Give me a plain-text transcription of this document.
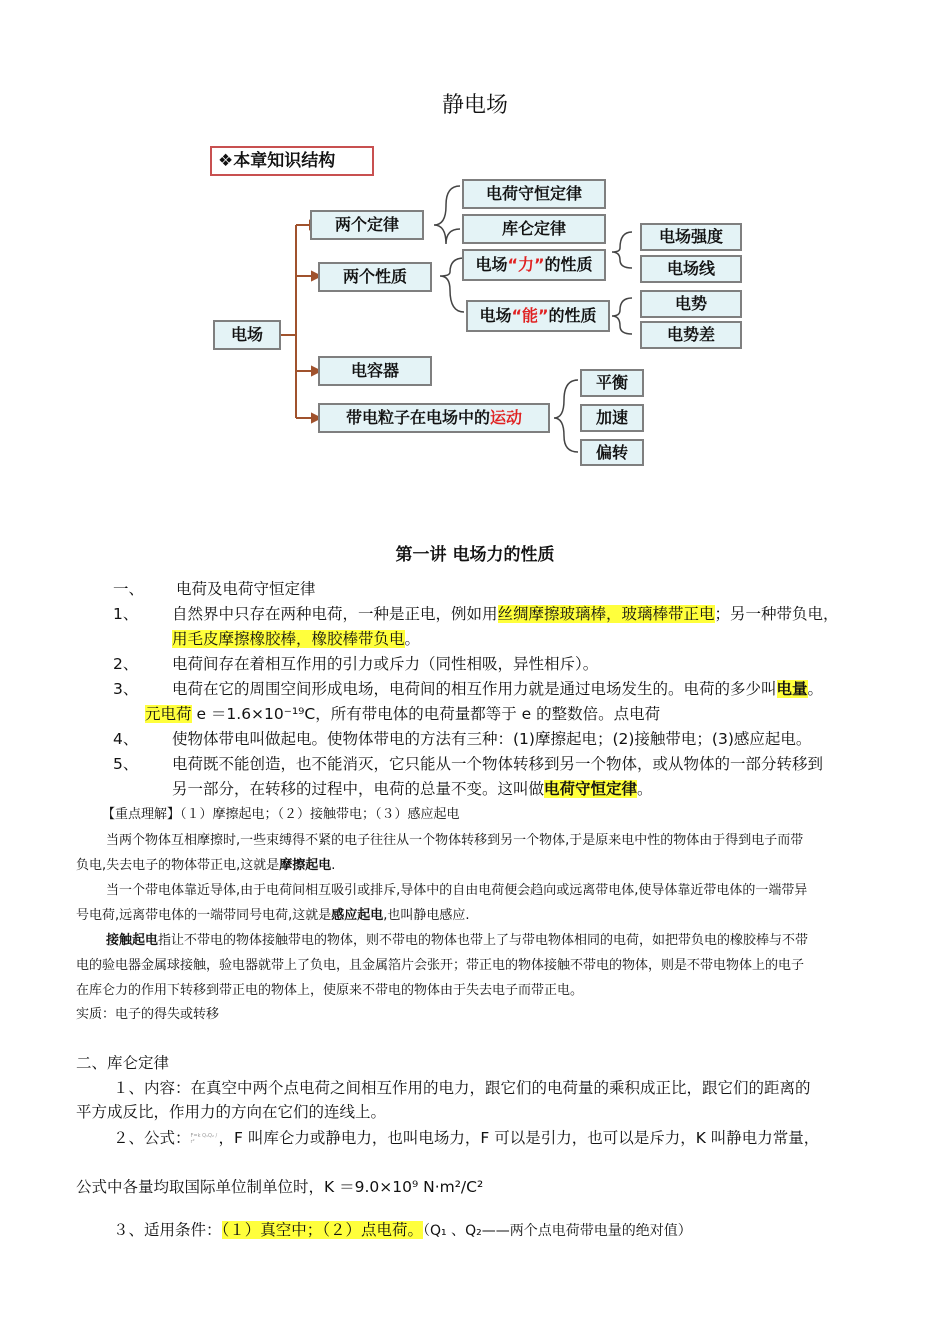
静电场
❖本章知识结构
电场
两个定律
电荷守恒定律
库仑定律
两个性质
电场“力”的性质
电场“能”的性质
电场强度
电场线
电势
电势差
电容器
带电粒子在电场中的运动
平衡
加速
偏转
第一讲 电场力的性质
一、 电荷及电荷守恒定律
1、 自然界中只存在两种电荷，一种是正电，例如用丝绸摩擦玻璃棒，玻璃棒带正电；另一种带负电，
用毛皮摩擦橡胶棒，橡胶棒带负电。
2、 电荷间存在着相互作用的引力或斥力（同性相吸，异性相斥）。
3、 电荷在它的周围空间形成电场，电荷间的相互作用力就是通过电场发生的。电荷的多少叫电量。
元电荷 e ＝1.6×10⁻¹⁹C，所有带电体的电荷量都等于 e 的整数倍。点电荷
4、 使物体带电叫做起电。使物体带电的方法有三种：(1)摩擦起电；(2)接触带电；(3)感应起电。
5、 电荷既不能创造，也不能消灭，它只能从一个物体转移到另一个物体，或从物体的一部分转移到
另一部分，在转移的过程中，电荷的总量不变。这叫做电荷守恒定律。
【重点理解】（１）摩擦起电；（２）接触带电；（３）感应起电
当两个物体互相摩擦时,一些束缚得不紧的电子往往从一个物体转移到另一个物体,于是原来电中性的物体由于得到电子而带
负电,失去电子的物体带正电,这就是摩擦起电.
当一个带电体靠近导体,由于电荷间相互吸引或排斥,导体中的自由电荷便会趋向或远离带电体,使导体靠近带电体的一端带异
号电荷,远离带电体的一端带同号电荷,这就是感应起电,也叫静电感应.
接触起电指让不带电的物体接触带电的物体，则不带电的物体也带上了与带电物体相同的电荷，如把带负电的橡胶棒与不带
电的验电器金属球接触，验电器就带上了负电，且金属箔片会张开；带正电的物体接触不带电的物体，则是不带电物体上的电子
在库仑力的作用下转移到带正电的物体上，使原来不带电的物体由于失去电子而带正电。
实质：电子的得失或转移
二、库仑定律
１、内容：在真空中两个点电荷之间相互作用的电力，跟它们的电荷量的乘积成正比，跟它们的距离的
平方成反比，作用力的方向在它们的连线上。
２、公式：F=k Q₁Q₂ / r² ，F 叫库仑力或静电力，也叫电场力，F 可以是引力，也可以是斥力，K 叫静电力常量，
公式中各量均取国际单位制单位时，K ＝9.0×10⁹ N·m²/C²
３、适用条件：（１）真空中；（２）点电荷。（Q₁ 、Q₂——两个点电荷带电量的绝对值）
